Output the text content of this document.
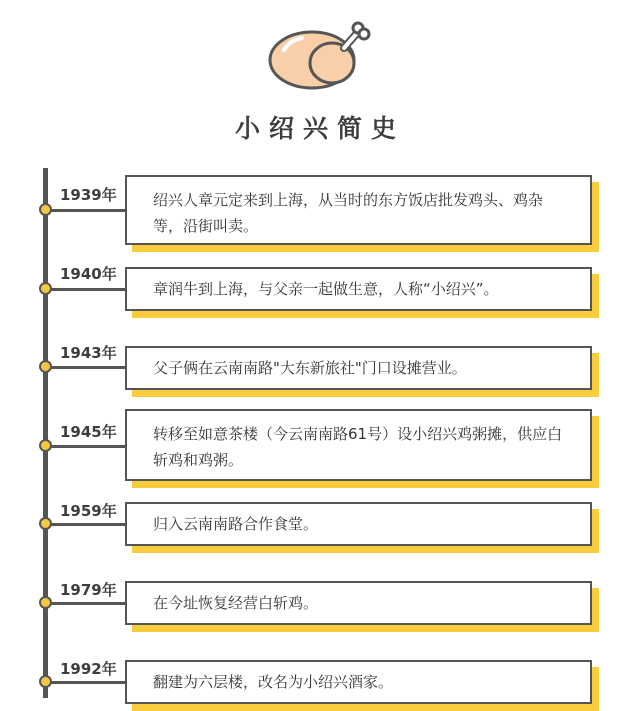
小绍兴简史
1939年	绍兴人章元定来到上海，从当时的东方饭店批发鸡头、鸡杂等，沿街叫卖。
1940年
章润牛到上海，与父亲一起做生意，人称“小绍兴”。
1943年
父子俩在云南南路"大东新旅社"门口设摊营业。
1945年	转移至如意茶楼（今云南南路61号）设小绍兴鸡粥摊，供应白斩鸡和鸡粥。
1959年
归入云南南路合作食堂。
1979年
在今址恢复经营白斩鸡。
1992年
翻建为六层楼，改名为小绍兴酒家。
